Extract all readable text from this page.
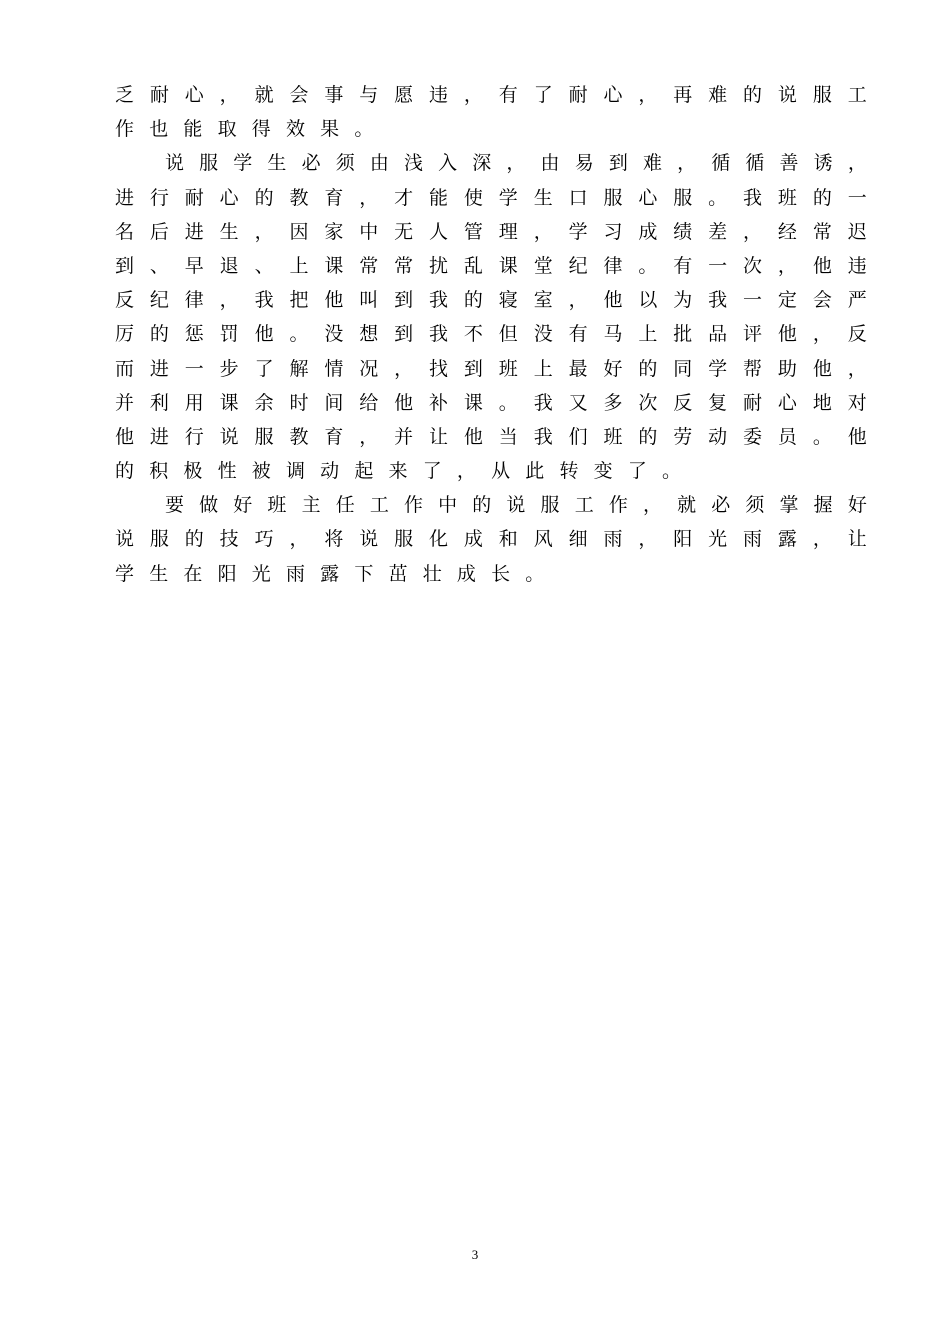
乏 耐 心 ， 就 会 事 与 愿 违 ， 有 了 耐 心 ， 再 难 的 说 服 工
作 也 能 取 得 效 果 。
说 服 学 生 必 须 由 浅 入 深 ， 由 易 到 难 ， 循 循 善 诱 ，
进 行 耐 心 的 教 育 ， 才 能 使 学 生 口 服 心 服 。 我 班 的 一
名 后 进 生 ， 因 家 中 无 人 管 理 ， 学 习 成 绩 差 ， 经 常 迟
到 、 早 退 、 上 课 常 常 扰 乱 课 堂 纪 律 。 有 一 次 ， 他 违
反 纪 律 ， 我 把 他 叫 到 我 的 寝 室 ， 他 以 为 我 一 定 会 严
厉 的 惩 罚 他 。 没 想 到 我 不 但 没 有 马 上 批 品 评 他 ， 反
而 进 一 步 了 解 情 况 ， 找 到 班 上 最 好 的 同 学 帮 助 他 ，
并 利 用 课 余 时 间 给 他 补 课 。 我 又 多 次 反 复 耐 心 地 对
他 进 行 说 服 教 育 ， 并 让 他 当 我 们 班 的 劳 动 委 员 。 他
的 积 极 性 被 调 动 起 来 了 ， 从 此 转 变 了 。
要 做 好 班 主 任 工 作 中 的 说 服 工 作 ， 就 必 须 掌 握 好
说 服 的 技 巧 ， 将 说 服 化 成 和 风 细 雨 ， 阳 光 雨 露 ， 让
学 生 在 阳 光 雨 露 下 茁 壮 成 长 。
3
